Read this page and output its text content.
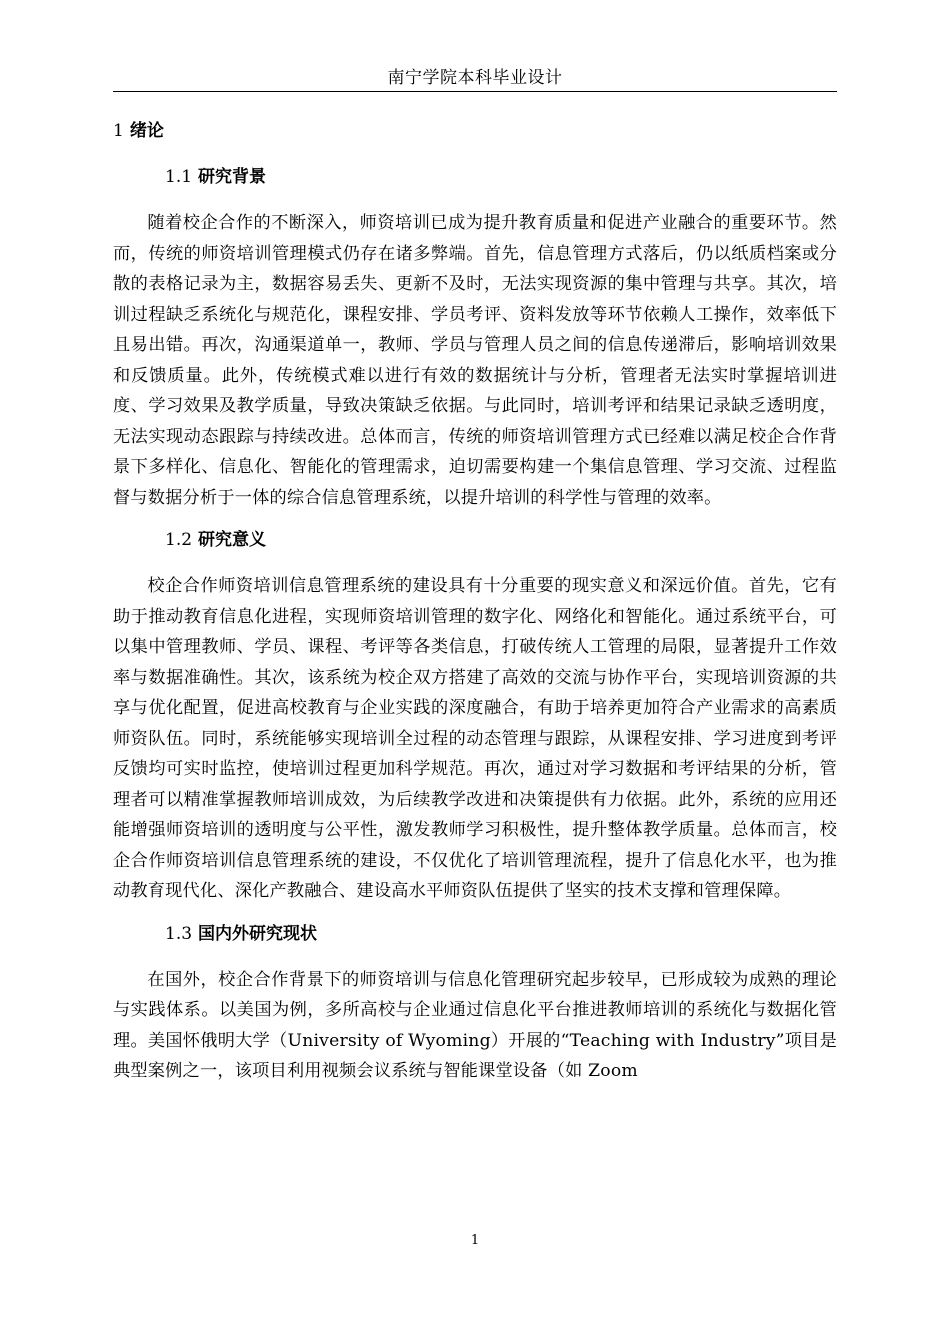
南宁学院本科毕业设计
1 绪论
1.1 研究背景

随着校企合作的不断深入，师资培训已成为提升教育质量和促进产业融合的重要环节。然而，传统的师资培训管理模式仍存在诸多弊端。首先，信息管理方式落后，仍以纸质档案或分散的表格记录为主，数据容易丢失、更新不及时，无法实现资源的集中管理与共享。其次，培训过程缺乏系统化与规范化，课程安排、学员考评、资料发放等环节依赖人工操作，效率低下且易出错。再次，沟通渠道单一，教师、学员与管理人员之间的信息传递滞后，影响培训效果和反馈质量。此外，传统模式难以进行有效的数据统计与分析，管理者无法实时掌握培训进度、学习效果及教学质量，导致决策缺乏依据。与此同时，培训考评和结果记录缺乏透明度，无法实现动态跟踪与持续改进。总体而言，传统的师资培训管理方式已经难以满足校企合作背景下多样化、信息化、智能化的管理需求，迫切需要构建一个集信息管理、学习交流、过程监督与数据分析于一体的综合信息管理系统，以提升培训的科学性与管理的效率。

1.2 研究意义

校企合作师资培训信息管理系统的建设具有十分重要的现实意义和深远价值。首先，它有助于推动教育信息化进程，实现师资培训管理的数字化、网络化和智能化。通过系统平台，可以集中管理教师、学员、课程、考评等各类信息，打破传统人工管理的局限，显著提升工作效率与数据准确性。其次，该系统为校企双方搭建了高效的交流与协作平台，实现培训资源的共享与优化配置，促进高校教育与企业实践的深度融合，有助于培养更加符合产业需求的高素质师资队伍。同时，系统能够实现培训全过程的动态管理与跟踪，从课程安排、学习进度到考评反馈均可实时监控，使培训过程更加科学规范。再次，通过对学习数据和考评结果的分析，管理者可以精准掌握教师培训成效，为后续教学改进和决策提供有力依据。此外，系统的应用还能增强师资培训的透明度与公平性，激发教师学习积极性，提升整体教学质量。总体而言，校企合作师资培训信息管理系统的建设，不仅优化了培训管理流程，提升了信息化水平，也为推动教育现代化、深化产教融合、建设高水平师资队伍提供了坚实的技术支撑和管理保障。

1.3 国内外研究现状

在国外，校企合作背景下的师资培训与信息化管理研究起步较早，已形成较为成熟的理论与实践体系。以美国为例，多所高校与企业通过信息化平台推进教师培训的系统化与数据化管理。美国怀俄明大学（University of Wyoming）开展的“Teaching with Industry”项目是典型案例之一，该项目利用视频会议系统与智能课堂设备（如 Zoom

1
